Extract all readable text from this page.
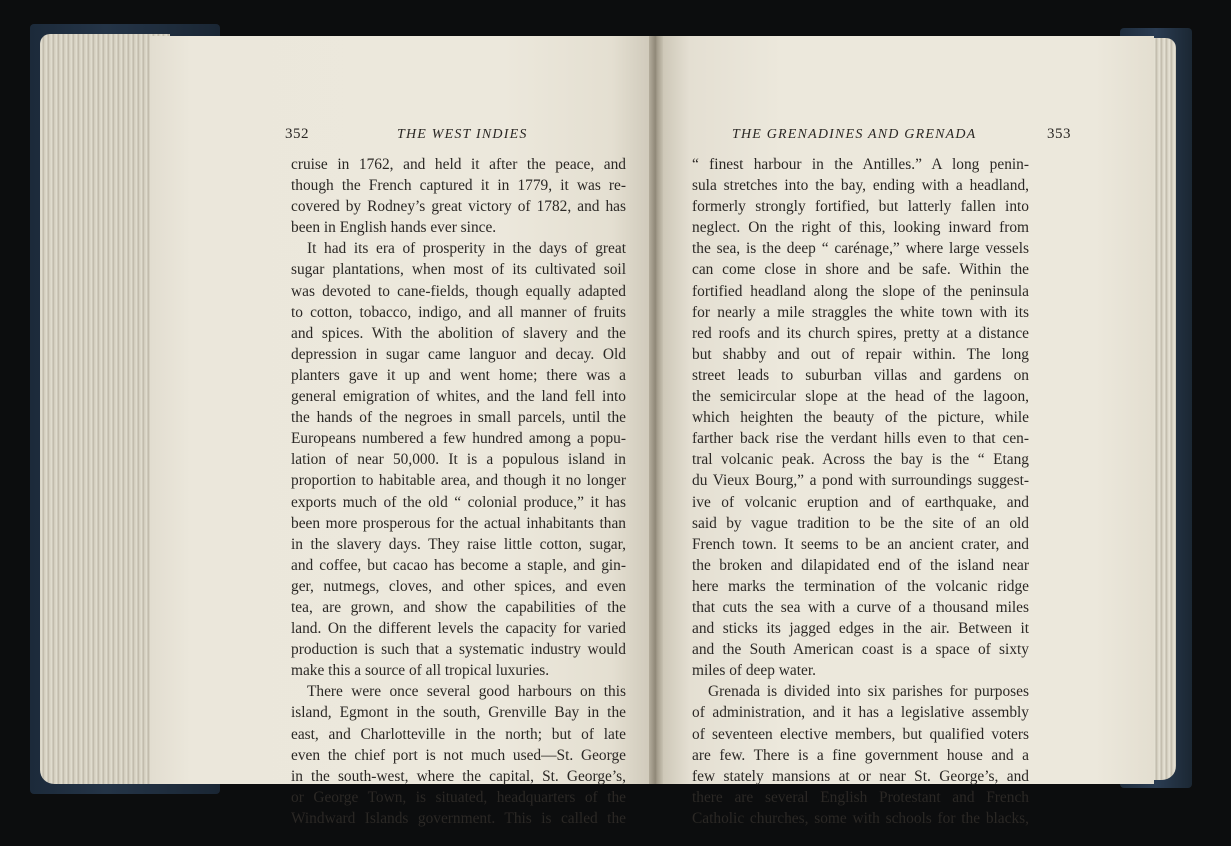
352	THE WEST INDIES	THE GRENADINES AND GRENADA	353
cruise in 1762, and held it after the peace, and
though the French captured it in 1779, it was re-
covered by Rodney’s great victory of 1782, and has
been in English hands ever since.
It had its era of prosperity in the days of great
sugar plantations, when most of its cultivated soil
was devoted to cane-fields, though equally adapted
to cotton, tobacco, indigo, and all manner of fruits
and spices. With the abolition of slavery and the
depression in sugar came languor and decay. Old
planters gave it up and went home; there was a
general emigration of whites, and the land fell into
the hands of the negroes in small parcels, until the
Europeans numbered a few hundred among a popu-
lation of near 50,000. It is a populous island in
proportion to habitable area, and though it no longer
exports much of the old “ colonial produce,” it has
been more prosperous for the actual inhabitants than
in the slavery days. They raise little cotton, sugar,
and coffee, but cacao has become a staple, and gin-
ger, nutmegs, cloves, and other spices, and even
tea, are grown, and show the capabilities of the
land. On the different levels the capacity for varied
production is such that a systematic industry would
make this a source of all tropical luxuries.
There were once several good harbours on this
island, Egmont in the south, Grenville Bay in the
east, and Charlotteville in the north; but of late
even the chief port is not much used—St. George
in the south-west, where the capital, St. George’s,
or George Town, is situated, headquarters of the
Windward Islands government. This is called the
“ finest harbour in the Antilles.” A long penin-
sula stretches into the bay, ending with a headland,
formerly strongly fortified, but latterly fallen into
neglect. On the right of this, looking inward from
the sea, is the deep “ carénage,” where large vessels
can come close in shore and be safe. Within the
fortified headland along the slope of the peninsula
for nearly a mile straggles the white town with its
red roofs and its church spires, pretty at a distance
but shabby and out of repair within. The long
street leads to suburban villas and gardens on
the semicircular slope at the head of the lagoon,
which heighten the beauty of the picture, while
farther back rise the verdant hills even to that cen-
tral volcanic peak. Across the bay is the “ Etang
du Vieux Bourg,” a pond with surroundings suggest-
ive of volcanic eruption and of earthquake, and
said by vague tradition to be the site of an old
French town. It seems to be an ancient crater, and
the broken and dilapidated end of the island near
here marks the termination of the volcanic ridge
that cuts the sea with a curve of a thousand miles
and sticks its jagged edges in the air. Between it
and the South American coast is a space of sixty
miles of deep water.
Grenada is divided into six parishes for purposes
of administration, and it has a legislative assembly
of seventeen elective members, but qualified voters
are few. There is a fine government house and a
few stately mansions at or near St. George’s, and
there are several English Protestant and French
Catholic churches, some with schools for the blacks,
